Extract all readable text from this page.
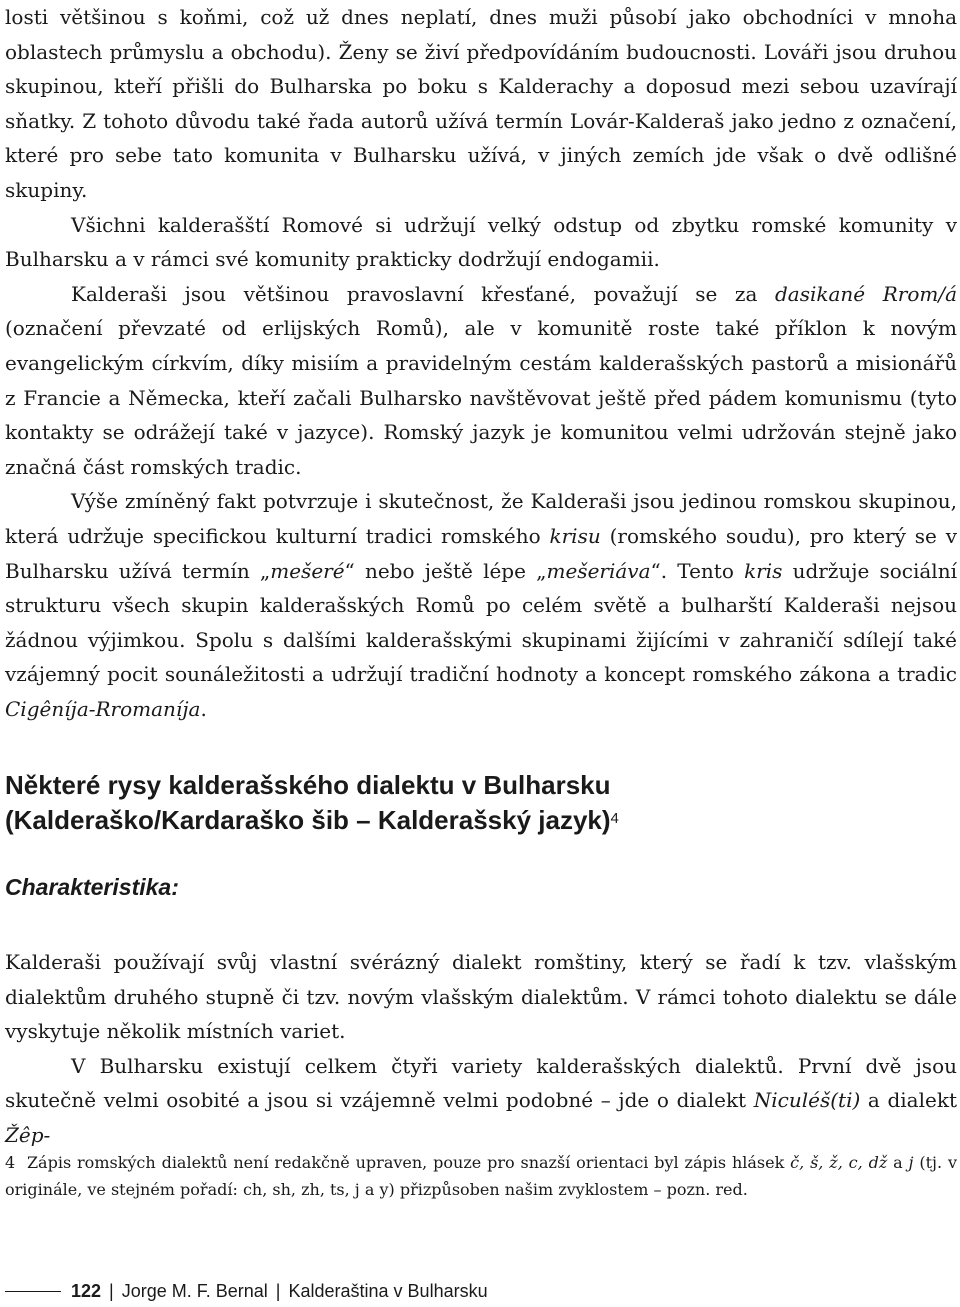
losti většinou s koňmi, což už dnes neplatí, dnes muži působí jako obchodníci v mnoha oblastech průmyslu a obchodu). Ženy se živí předpovídáním budoucnosti. Lováři jsou druhou skupinou, kteří přišli do Bulharska po boku s Kalderachy a doposud mezi sebou uzavírají sňatky. Z tohoto důvodu také řada autorů užívá termín Lovár-Kalderaš jako jedno z označení, které pro sebe tato komunita v Bulharsku užívá, v jiných zemích jde však o dvě odlišné skupiny.

Všichni kalderašští Romové si udržují velký odstup od zbytku romské komunity v Bulharsku a v rámci své komunity prakticky dodržují endogamii.

Kalderaši jsou většinou pravoslavní křesťané, považují se za dasikané Rrom/á (označení převzaté od erlijských Romů), ale v komunitě roste také příklon k novým evangelickým církvím, díky misiím a pravidelným cestám kalderašských pastorů a misionářů z Francie a Německa, kteří začali Bulharsko navštěvovat ještě před pádem komunismu (tyto kontakty se odrážejí také v jazyce). Romský jazyk je komunitou velmi udržován stejně jako značná část romských tradic.

Výše zmíněný fakt potvrzuje i skutečnost, že Kalderaši jsou jedinou romskou skupinou, která udržuje specifickou kulturní tradici romského krisu (romského soudu), pro který se v Bulharsku užívá termín „mešeré“ nebo ještě lépe „mešeriáva“. Tento kris udržuje sociální strukturu všech skupin kalderašských Romů po celém světě a bulharští Kalderaši nejsou žádnou výjimkou. Spolu s dalšími kalderašskými skupinami žijícími v zahraničí sdílejí také vzájemný pocit sounáležitosti a udržují tradiční hodnoty a koncept romského zákona a tradic Cigêníja-Rromaníja.

Některé rysy kalderašského dialektu v Bulharsku
(Kalderaško/Kardaraško šib – Kalderašský jazyk)$^4$
Charakteristika:

Kalderaši používají svůj vlastní svérázný dialekt romštiny, který se řadí k tzv. vlašským dialektům druhého stupně či tzv. novým vlašským dialektům. V rámci tohoto dialektu se dále vyskytuje několik místních variet.

V Bulharsku existují celkem čtyři variety kalderašských dialektů. První dvě jsou skutečně velmi osobité a jsou si vzájemně velmi podobné – jde o dialekt Niculéš(ti) a dialekt Žêp-

4 Zápis romských dialektů není redakčně upraven, pouze pro snazší orientaci byl zápis hlásek č, š, ž, c, dž a j (tj. v originále, ve stejném pořadí: ch, sh, zh, ts, j a y) přizpůsoben našim zvyklostem – pozn. red.

122 | Jorge M. F. Bernal | Kalderaština v Bulharsku
